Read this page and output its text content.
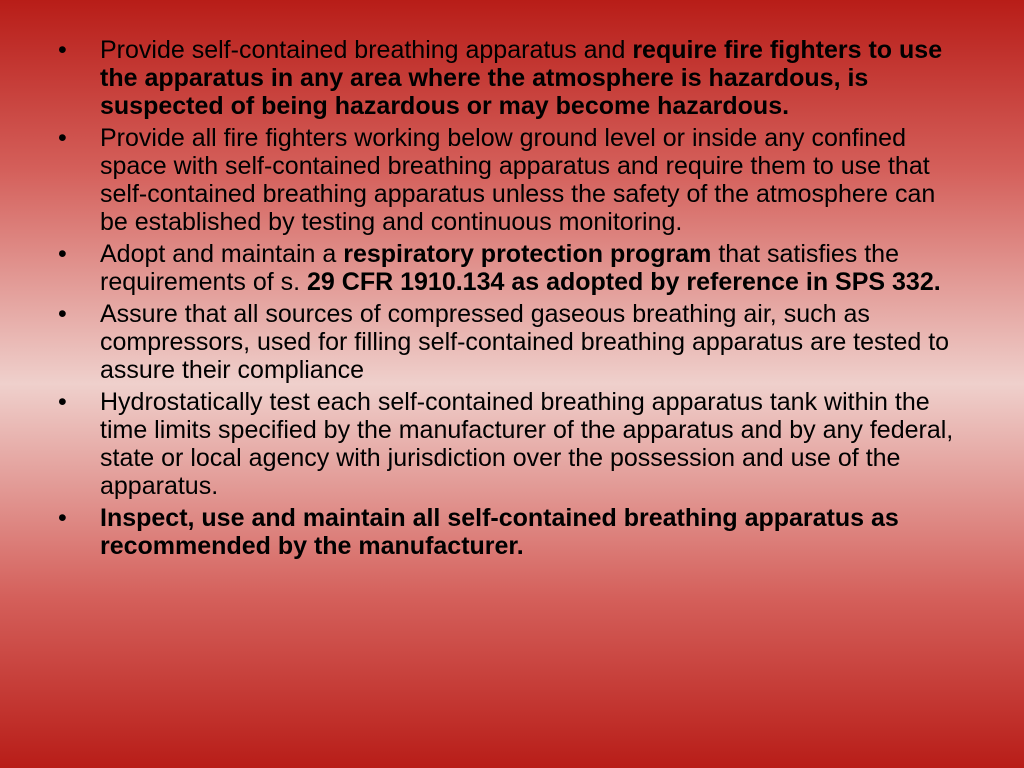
• Provide self-contained breathing apparatus and require fire fighters to use the apparatus in any area where the atmosphere is hazardous, is suspected of being hazardous or may become hazardous.
• Provide all fire fighters working below ground level or inside any confined space with self-contained breathing apparatus and require them to use that self-contained breathing apparatus unless the safety of the atmosphere can be established by testing and continuous monitoring.
• Adopt and maintain a respiratory protection program that satisfies the requirements of s. 29 CFR 1910.134 as adopted by reference in SPS 332.
• Assure that all sources of compressed gaseous breathing air, such as compressors, used for filling self-contained breathing apparatus are tested to assure their compliance
• Hydrostatically test each self-contained breathing apparatus tank within the time limits specified by the manufacturer of the apparatus and by any federal, state or local agency with jurisdiction over the possession and use of the apparatus.
• Inspect, use and maintain all self-contained breathing apparatus as recommended by the manufacturer.
